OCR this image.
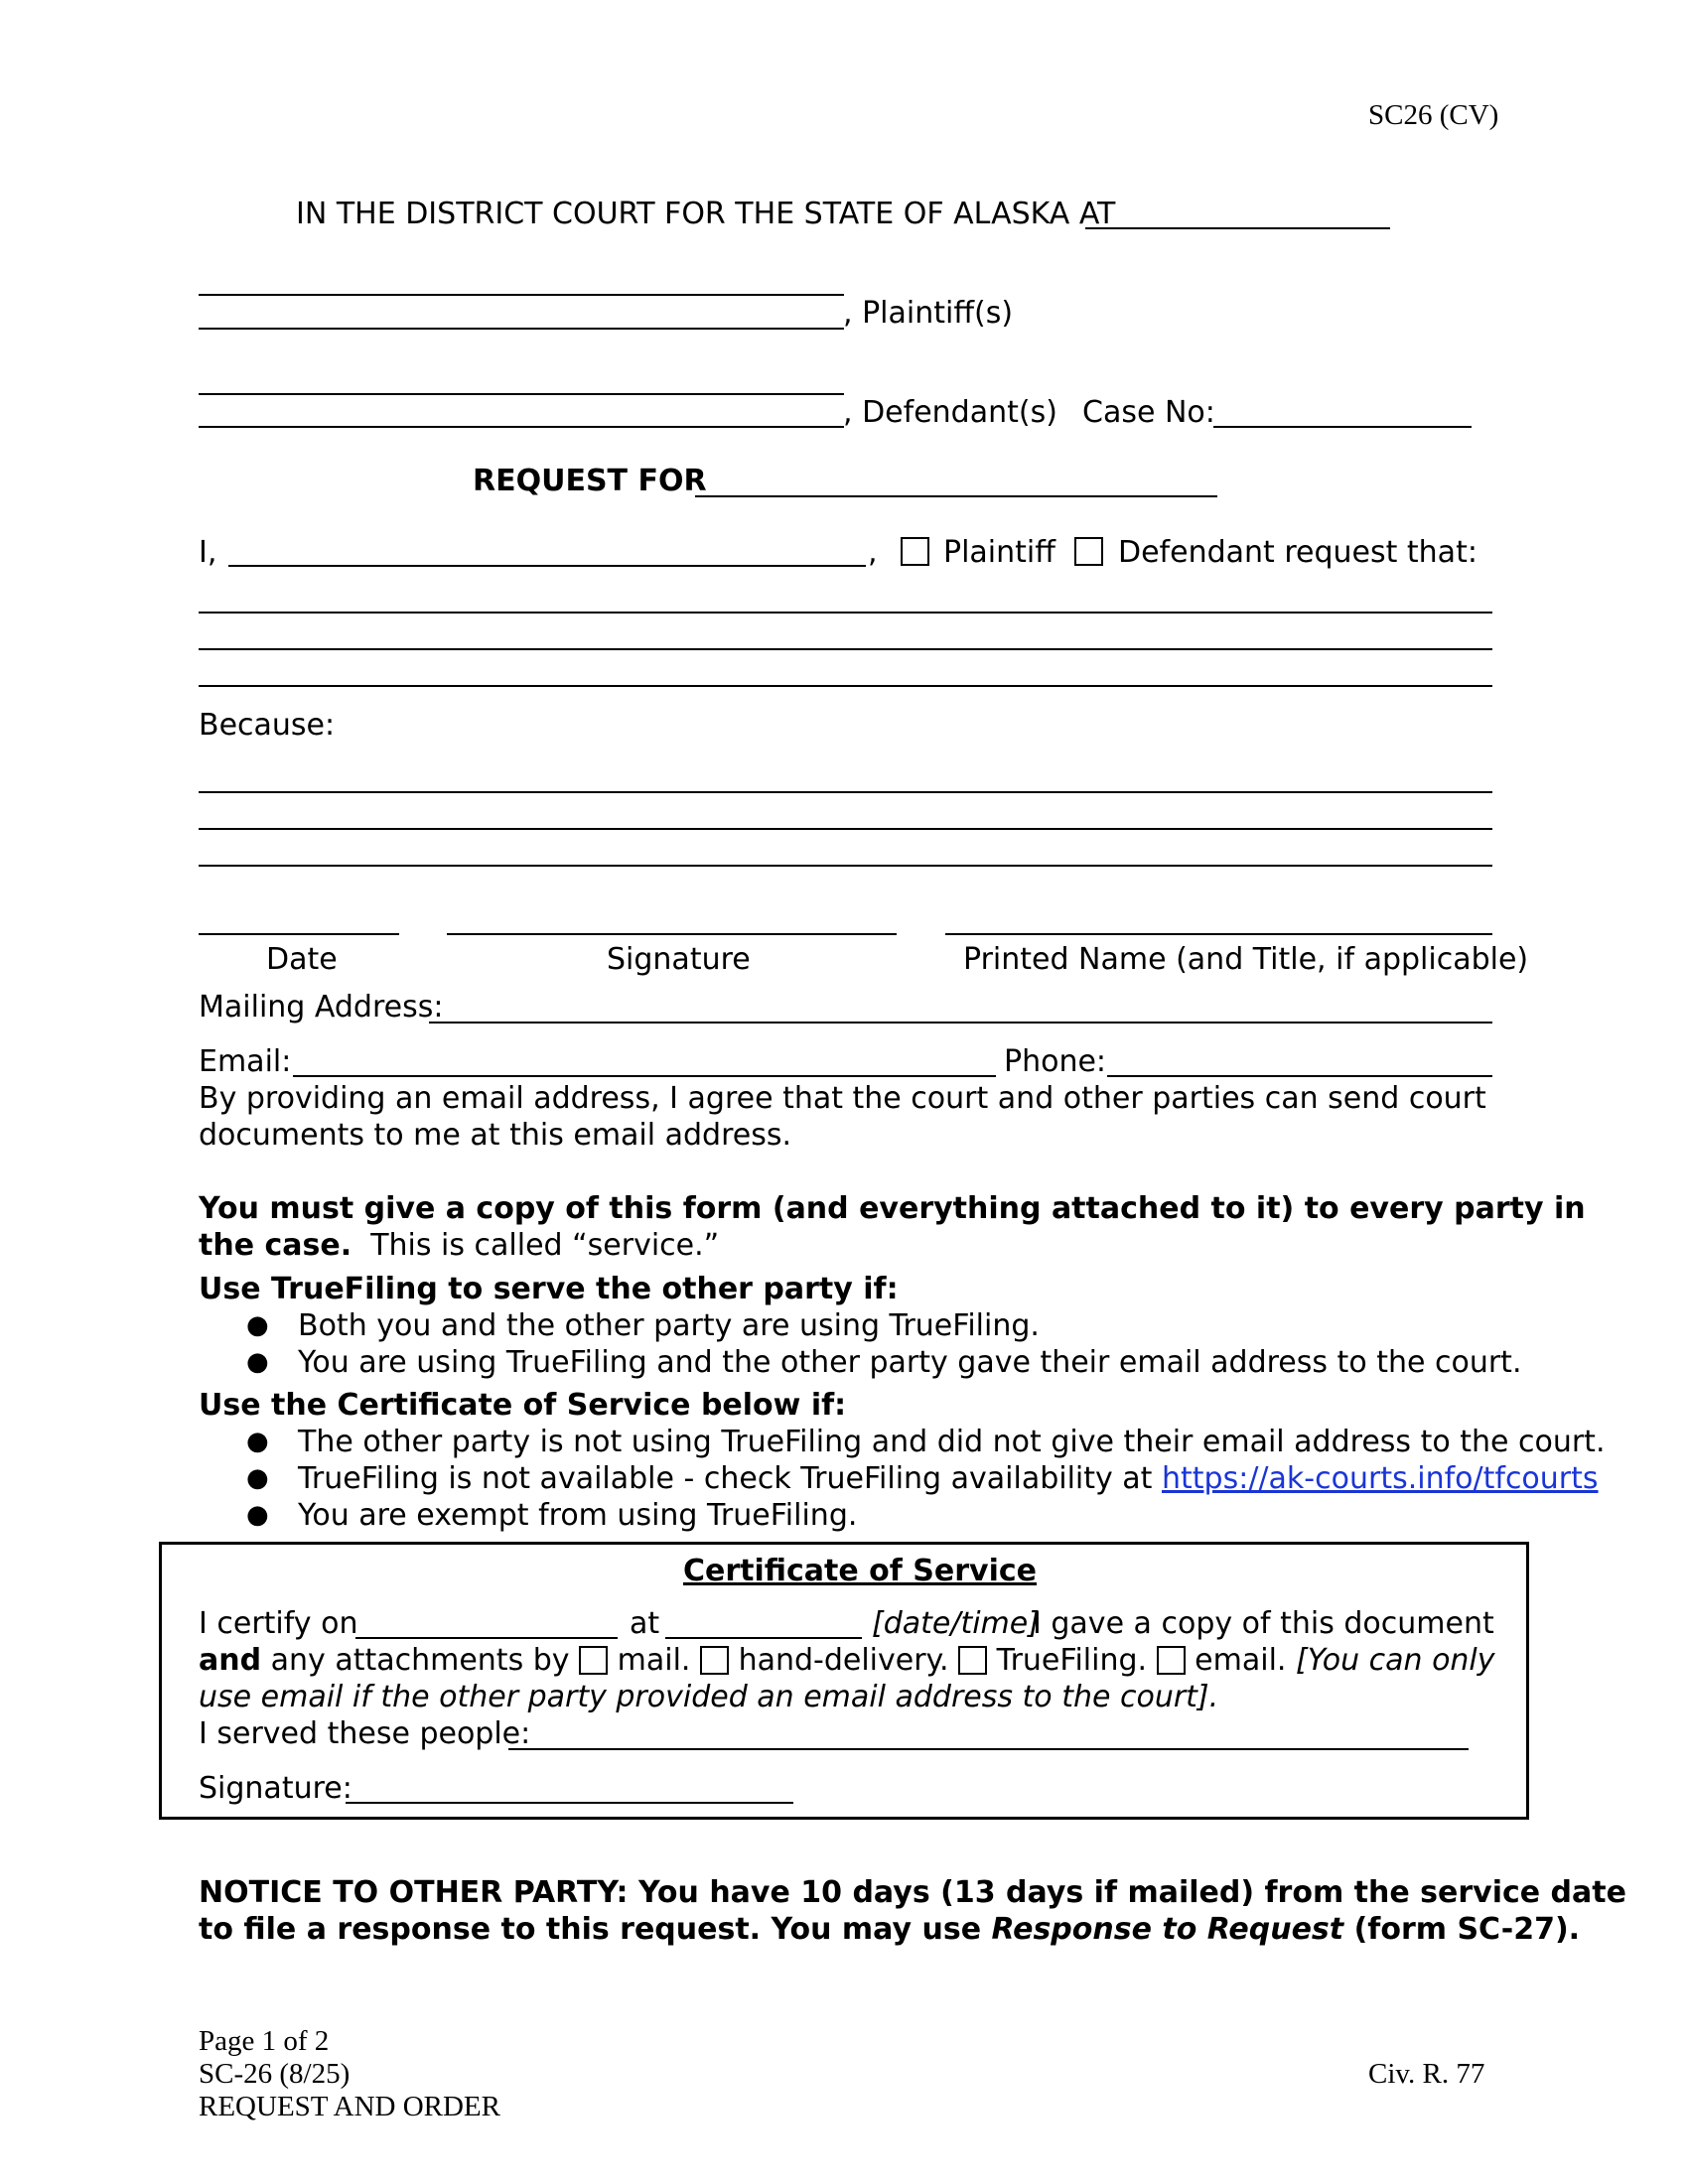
SC26 (CV)
IN THE DISTRICT COURT FOR THE STATE OF ALASKA AT
, Plaintiff(s)
, Defendant(s) Case No:
REQUEST FOR
I,	, Plaintiff Defendant request that:
Because:
Date	Signature	Printed Name (and Title, if applicable)
Mailing Address:
Email:	Phone:
By providing an email address, I agree that the court and other parties can send court
documents to me at this email address.
You must give a copy of this form (and everything attached to it) to every party in
the case. This is called “service.”
Use TrueFiling to serve the other party if:
● Both you and the other party are using TrueFiling.
● You are using TrueFiling and the other party gave their email address to the court.
Use the Certificate of Service below if:
● The other party is not using TrueFiling and did not give their email address to the court.
● TrueFiling is not available - check TrueFiling availability at https://ak-courts.info/tfcourts
● You are exempt from using TrueFiling.
Certificate of Service
I certify on	at	[date/time]
I gave a copy of this document
and any attachments by mail. hand-delivery. TrueFiling. email. [You can only
use email if the other party provided an email address to the court].
I served these people:
Signature:
NOTICE TO OTHER PARTY: You have 10 days (13 days if mailed) from the service date
to file a response to this request. You may use Response to Request (form SC-27).
Page 1 of 2
SC-26 (8/25)
REQUEST AND ORDER
Civ. R. 77
